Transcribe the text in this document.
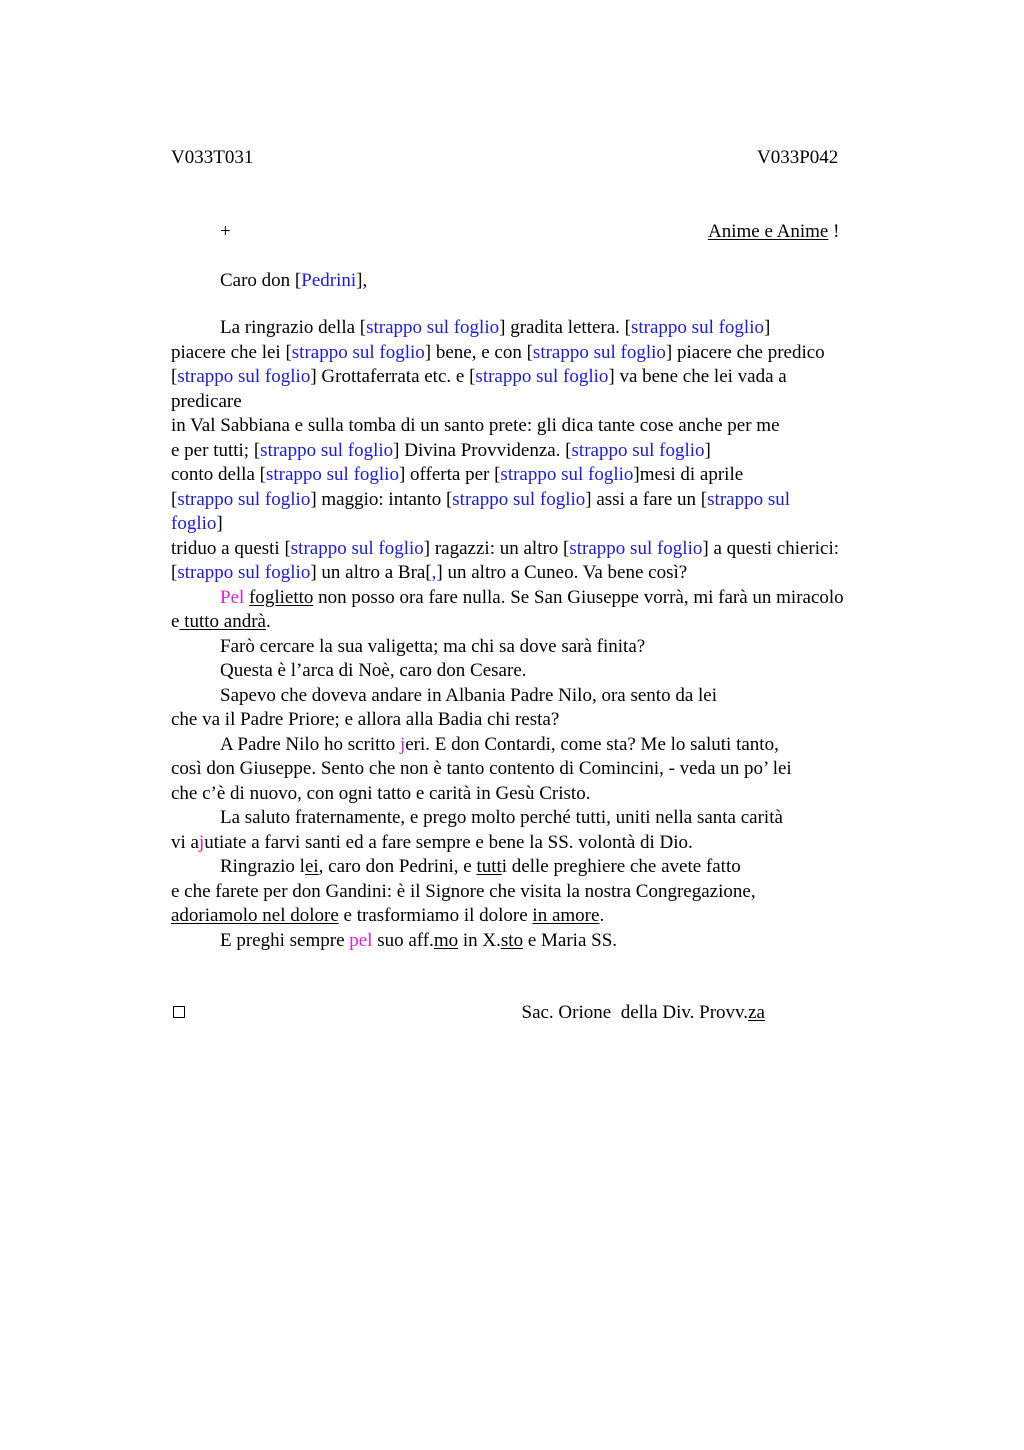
V033T031	V033P042
+	Anime e Anime !
Caro don [Pedrini],
La ringrazio della [strappo sul foglio] gradita lettera. [strappo sul foglio]
piacere che lei [strappo sul foglio] bene, e con [strappo sul foglio] piacere che predico
[strappo sul foglio] Grottaferrata etc. e [strappo sul foglio] va bene che lei vada a
predicare
in Val Sabbiana e sulla tomba di un santo prete: gli dica tante cose anche per me
e per tutti; [strappo sul foglio] Divina Provvidenza. [strappo sul foglio]
conto della [strappo sul foglio] offerta per [strappo sul foglio]mesi di aprile
[strappo sul foglio] maggio: intanto [strappo sul foglio] assi a fare un [strappo sul
foglio]
triduo a questi [strappo sul foglio] ragazzi: un altro [strappo sul foglio] a questi chierici:
[strappo sul foglio] un altro a Bra[,] un altro a Cuneo. Va bene così?
Pel foglietto non posso ora fare nulla. Se San Giuseppe vorrà, mi farà un miracolo
e tutto andrà.
Farò cercare la sua valigetta; ma chi sa dove sarà finita?
Questa è l’arca di Noè, caro don Cesare.
Sapevo che doveva andare in Albania Padre Nilo, ora sento da lei
che va il Padre Priore; e allora alla Badia chi resta?
A Padre Nilo ho scritto jeri. E don Contardi, come sta? Me lo saluti tanto,
così don Giuseppe. Sento che non è tanto contento di Comincini, - veda un po’ lei
che c’è di nuovo, con ogni tatto e carità in Gesù Cristo.
La saluto fraternamente, e prego molto perché tutti, uniti nella santa carità
vi ajutiate a farvi santi ed a fare sempre e bene la SS. volontà di Dio.
Ringrazio lei, caro don Pedrini, e tutti delle preghiere che avete fatto
e che farete per don Gandini: è il Signore che visita la nostra Congregazione,
adoriamolo nel dolore e trasformiamo il dolore in amore.
E preghi sempre pel suo aff.mo in X.sto e Maria SS.

Sac. Orione  della Div. Provv.za
